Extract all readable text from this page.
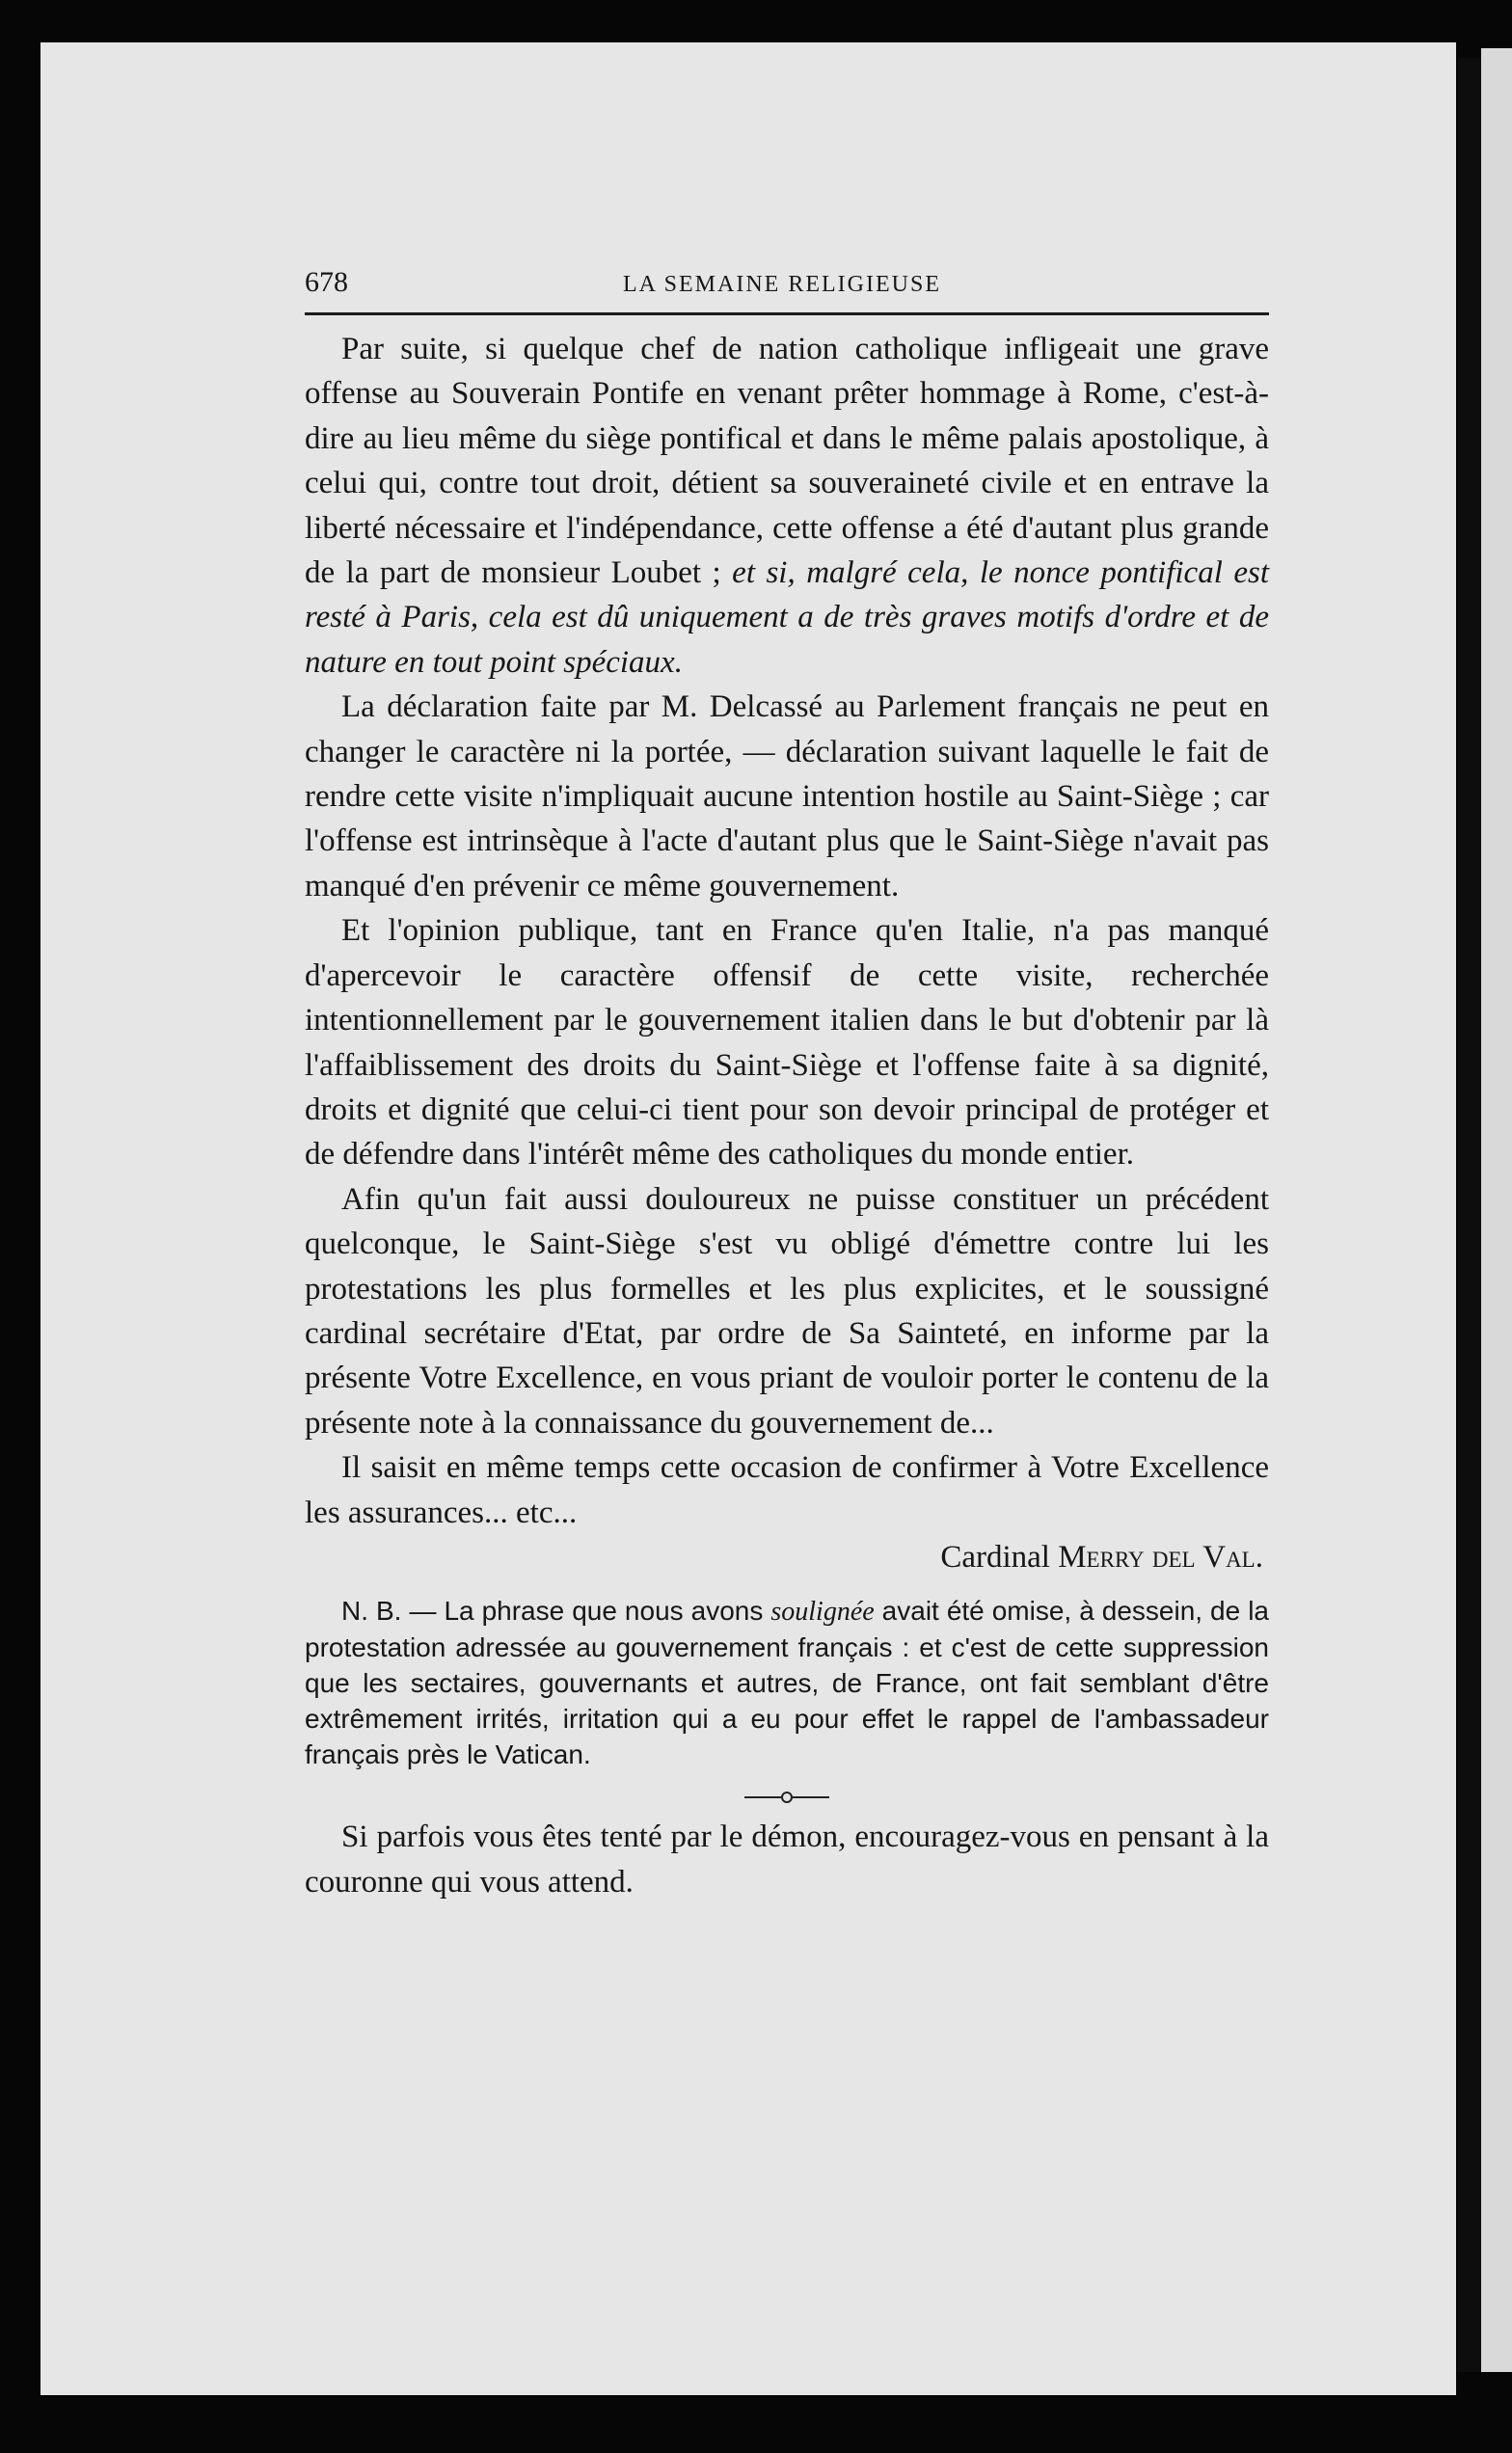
678	LA SEMAINE RELIGIEUSE

Par suite, si quelque chef de nation catholique infligeait une grave offense au Souverain Pontife en venant prêter hommage à Rome, c'est-à-dire au lieu même du siège pontifical et dans le même palais apostolique, à celui qui, contre tout droit, détient sa souveraineté civile et en entrave la liberté nécessaire et l'indépendance, cette offense a été d'autant plus grande de la part de monsieur Loubet ; et si, malgré cela, le nonce pontifical est resté à Paris, cela est dû uniquement a de très graves motifs d'ordre et de nature en tout point spéciaux.

La déclaration faite par M. Delcassé au Parlement français ne peut en changer le caractère ni la portée, — déclaration suivant laquelle le fait de rendre cette visite n'impliquait aucune intention hostile au Saint-Siège ; car l'offense est intrinsèque à l'acte d'autant plus que le Saint-Siège n'avait pas manqué d'en prévenir ce même gouvernement.

Et l'opinion publique, tant en France qu'en Italie, n'a pas manqué d'apercevoir le caractère offensif de cette visite, recherchée intentionnellement par le gouvernement italien dans le but d'obtenir par là l'affaiblissement des droits du Saint-Siège et l'offense faite à sa dignité, droits et dignité que celui-ci tient pour son devoir principal de protéger et de défendre dans l'intérêt même des catholiques du monde entier.

Afin qu'un fait aussi douloureux ne puisse constituer un précédent quelconque, le Saint-Siège s'est vu obligé d'émettre contre lui les protestations les plus formelles et les plus explicites, et le soussigné cardinal secrétaire d'Etat, par ordre de Sa Sainteté, en informe par la présente Votre Excellence, en vous priant de vouloir porter le contenu de la présente note à la connaissance du gouvernement de...

Il saisit en même temps cette occasion de confirmer à Votre Excellence les assurances... etc...

Cardinal Merry del Val.

N. B. — La phrase que nous avons soulignée avait été omise, à dessein, de la protestation adressée au gouvernement français : et c'est de cette suppression que les sectaires, gouvernants et autres, de France, ont fait semblant d'être extrêmement irrités, irritation qui a eu pour effet le rappel de l'ambassadeur français près le Vatican.

Si parfois vous êtes tenté par le démon, encouragez-vous en pensant à la couronne qui vous attend.
